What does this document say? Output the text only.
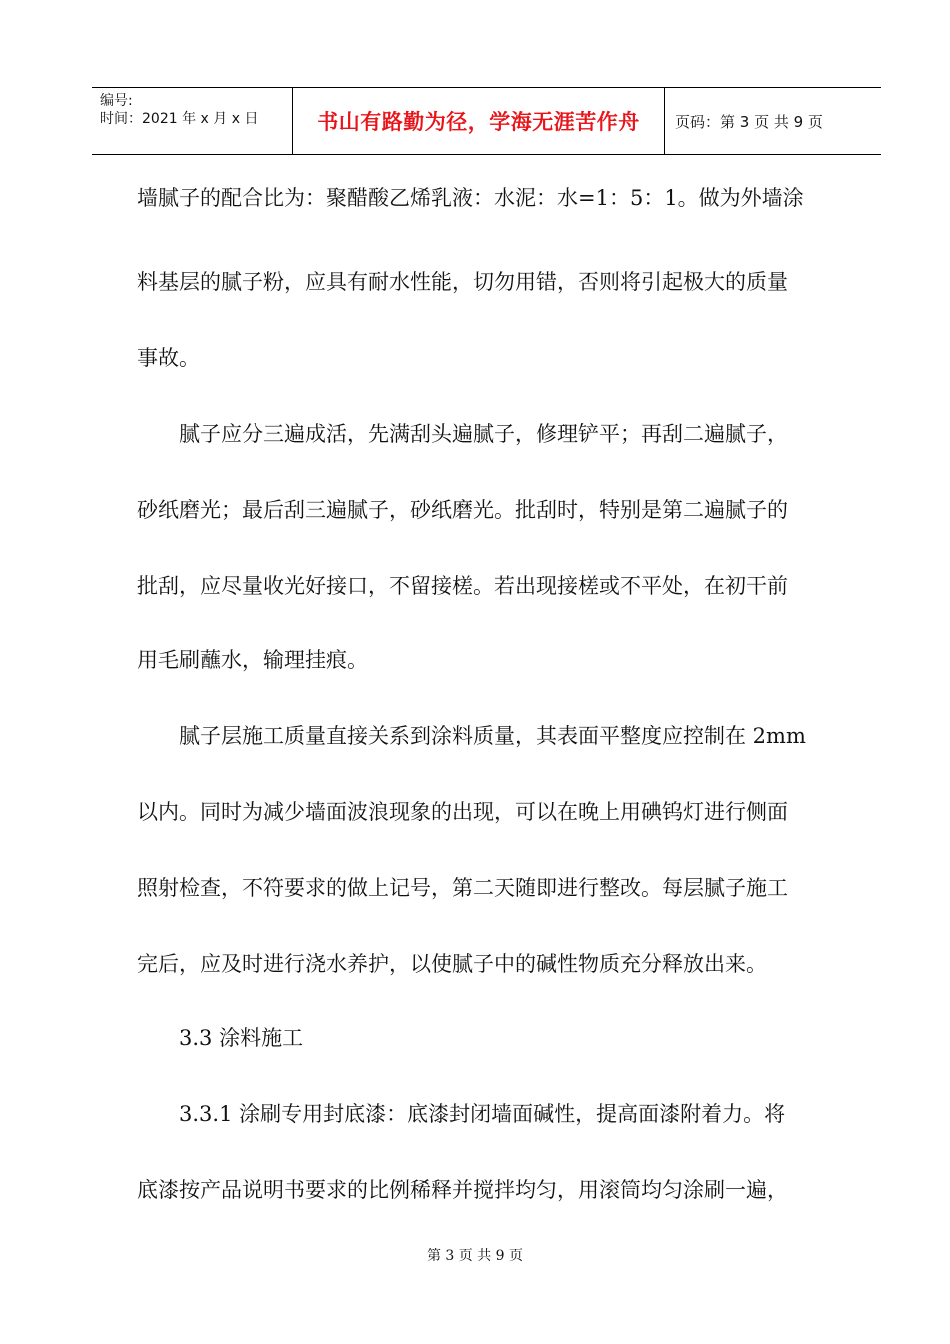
编号:
时间：2021 年 x 月 x 日	书山有路勤为径，学海无涯苦作舟 页码：第 3 页 共 9 页
墙腻子的配合比为：聚醋酸乙烯乳液：水泥：水=1：5：1。做为外墙涂
料基层的腻子粉，应具有耐水性能，切勿用错，否则将引起极大的质量
事故。
腻子应分三遍成活，先满刮头遍腻子，修理铲平；再刮二遍腻子，
砂纸磨光；最后刮三遍腻子，砂纸磨光。批刮时，特别是第二遍腻子的
批刮，应尽量收光好接口，不留接槎。若出现接槎或不平处，在初干前
用毛刷蘸水，输理挂痕。
腻子层施工质量直接关系到涂料质量，其表面平整度应控制在 2mm
以内。同时为减少墙面波浪现象的出现，可以在晚上用碘钨灯进行侧面
照射检查，不符要求的做上记号，第二天随即进行整改。每层腻子施工
完后，应及时进行浇水养护，以使腻子中的碱性物质充分释放出来。
3.3 涂料施工
3.3.1 涂刷专用封底漆：底漆封闭墙面碱性，提高面漆附着力。将
底漆按产品说明书要求的比例稀释并搅拌均匀，用滚筒均匀涂刷一遍，
第 3 页 共 9 页
